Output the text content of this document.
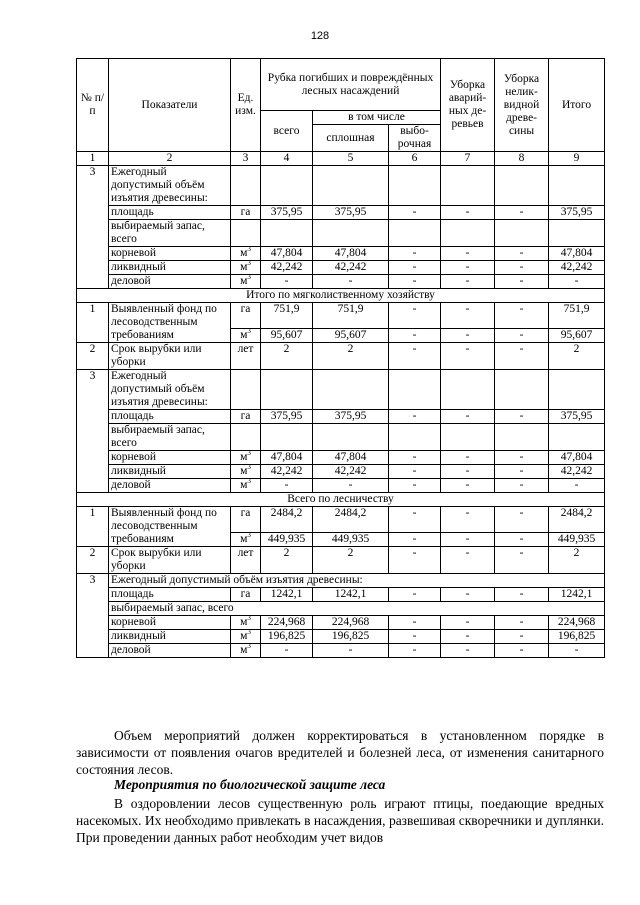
128
№ п/п	Показатели	Ед. изм.	Рубка погибших и повреждённых лесных насаждений			Уборка аварий-ных де-ревьев	Уборка нелик-видной древе-сины	Итого
			всего	в том числе				
				сплошная	выбо-рочная			
1	2	3	4	5	6	7	8	9
3	Ежегодный допустимый объём изъятия древесины:							
	площадь	га	375,95	375,95	-	-	-	375,95
	выбираемый запас, всего							
	корневой	$м^3$	47,804	47,804	-	-	-	47,804
	ликвидный	$м^3$	42,242	42,242	-	-	-	42,242
	деловой	$м^3$	-	-	-	-	-	-
Итого по мягколиственному хозяйству								
1	Выявленный фонд по лесоводственным требованиям	га	751,9	751,9	-	-	-	751,9
		$м^3$	95,607	95,607	-	-	-	95,607
2	Срок вырубки или уборки	лет	2	2	-	-	-	2
3	Ежегодный допустимый объём изъятия древесины:							
	площадь	га	375,95	375,95	-	-	-	375,95
	выбираемый запас, всего							
	корневой	$м^3$	47,804	47,804	-	-	-	47,804
	ликвидный	$м^3$	42,242	42,242	-	-	-	42,242
	деловой	$м^3$	-	-	-	-	-	-
Всего по лесничеству								
1	Выявленный фонд по лесоводственным требованиям	га	2484,2	2484,2	-	-	-	2484,2
		$м^3$	449,935	449,935	-	-	-	449,935
2	Срок вырубки или уборки	лет	2	2	-	-	-	2
3	Ежегодный допустимый объём изъятия древесины:							
	площадь	га	1242,1	1242,1	-	-	-	1242,1
	выбираемый запас, всего							
	корневой	$м^3$	224,968	224,968	-	-	-	224,968
	ликвидный	$м^3$	196,825	196,825	-	-	-	196,825
	деловой	$м^3$	-	-	-	-	-	-
Объем мероприятий должен корректироваться в установленном порядке в зависимости от появления очагов вредителей и болезней леса, от изменения санитарного состояния лесов.
Мероприятия по биологической защите леса
В оздоровлении лесов существенную роль играют птицы, поедающие вредных насекомых. Их необходимо привлекать в насаждения, развешивая скворечники и дуплянки. При проведении данных работ необходим учет видов
